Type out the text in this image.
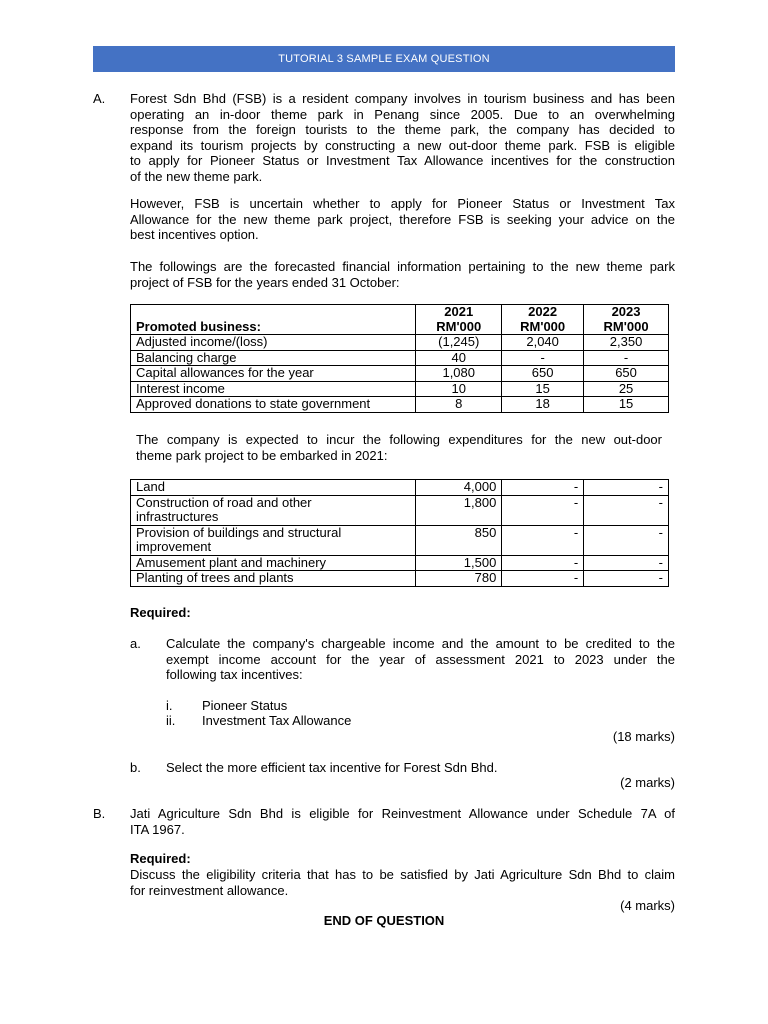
TUTORIAL 3 SAMPLE EXAM QUESTION
A. Forest Sdn Bhd (FSB) is a resident company involves in tourism business and has been
operating an in-door theme park in Penang since 2005. Due to an overwhelming
response from the foreign tourists to the theme park, the company has decided to
expand its tourism projects by constructing a new out-door theme park. FSB is eligible
to apply for Pioneer Status or Investment Tax Allowance incentives for the construction
of the new theme park.
However, FSB is uncertain whether to apply for Pioneer Status or Investment Tax
Allowance for the new theme park project, therefore FSB is seeking your advice on the
best incentives option.
The followings are the forecasted financial information pertaining to the new theme park
project of FSB for the years ended 31 October:
	2021	2022	2023
Promoted business:	RM'000	RM'000	RM'000
Adjusted income/(loss)	(1,245)	2,040	2,350
Balancing charge	40	-	-
Capital allowances for the year	1,080	650	650
Interest income	10	15	25
Approved donations to state government	8	18	15
The company is expected to incur the following expenditures for the new out-door
theme park project to be embarked in 2021:
Land	4,000	-	-
Construction of road and other
infrastructures	1,800	-	-
Provision of buildings and structural
improvement	850	-	-
Amusement plant and machinery	1,500	-	-
Planting of trees and plants	780	-	-
Required:
a. Calculate the company's chargeable income and the amount to be credited to the
exempt income account for the year of assessment 2021 to 2023 under the
following tax incentives:
i. Pioneer Status
ii. Investment Tax Allowance
(18 marks)
b. Select the more efficient tax incentive for Forest Sdn Bhd.
(2 marks)
B. Jati Agriculture Sdn Bhd is eligible for Reinvestment Allowance under Schedule 7A of
ITA 1967.
Required:
Discuss the eligibility criteria that has to be satisfied by Jati Agriculture Sdn Bhd to claim
for reinvestment allowance.
(4 marks)
END OF QUESTION
